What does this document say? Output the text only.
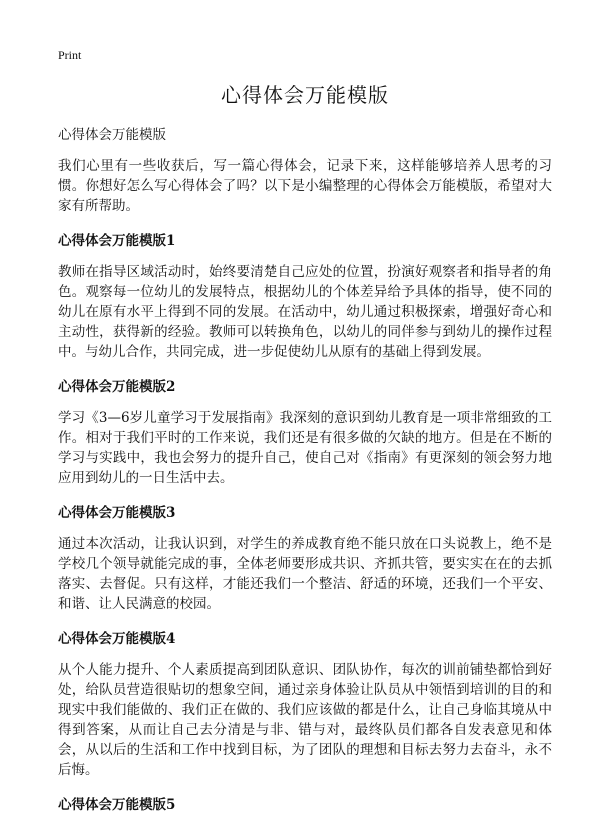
Print
心得体会万能模版

心得体会万能模版

我们心里有一些收获后，写一篇心得体会，记录下来，这样能够培养人思考的习惯。你想好怎么写心得体会了吗？以下是小编整理的心得体会万能模版，希望对大家有所帮助。

心得体会万能模版1

教师在指导区域活动时，始终要清楚自己应处的位置，扮演好观察者和指导者的角色。观察每一位幼儿的发展特点，根据幼儿的个体差异给予具体的指导，使不同的幼儿在原有水平上得到不同的发展。在活动中，幼儿通过积极探索，增强好奇心和主动性，获得新的经验。教师可以转换角色，以幼儿的同伴参与到幼儿的操作过程中。与幼儿合作，共同完成，进一步促使幼儿从原有的基础上得到发展。

心得体会万能模版2

学习《3—6岁儿童学习于发展指南》我深刻的意识到幼儿教育是一项非常细致的工作。相对于我们平时的工作来说，我们还是有很多做的欠缺的地方。但是在不断的学习与实践中，我也会努力的提升自己，使自己对《指南》有更深刻的领会努力地应用到幼儿的一日生活中去。

心得体会万能模版3

通过本次活动，让我认识到，对学生的养成教育绝不能只放在口头说教上，绝不是学校几个领导就能完成的事，全体老师要形成共识、齐抓共管，要实实在在的去抓落实、去督促。只有这样，才能还我们一个整洁、舒适的环境，还我们一个平安、和谐、让人民满意的校园。

心得体会万能模版4

从个人能力提升、个人素质提高到团队意识、团队协作，每次的训前铺垫都恰到好处，给队员营造很贴切的想象空间，通过亲身体验让队员从中领悟到培训的目的和现实中我们能做的、我们正在做的、我们应该做的都是什么，让自己身临其境从中得到答案，从而让自己去分清是与非、错与对，最终队员们都各自发表意见和体会，从以后的生活和工作中找到目标，为了团队的理想和目标去努力去奋斗，永不后悔。

心得体会万能模版5
